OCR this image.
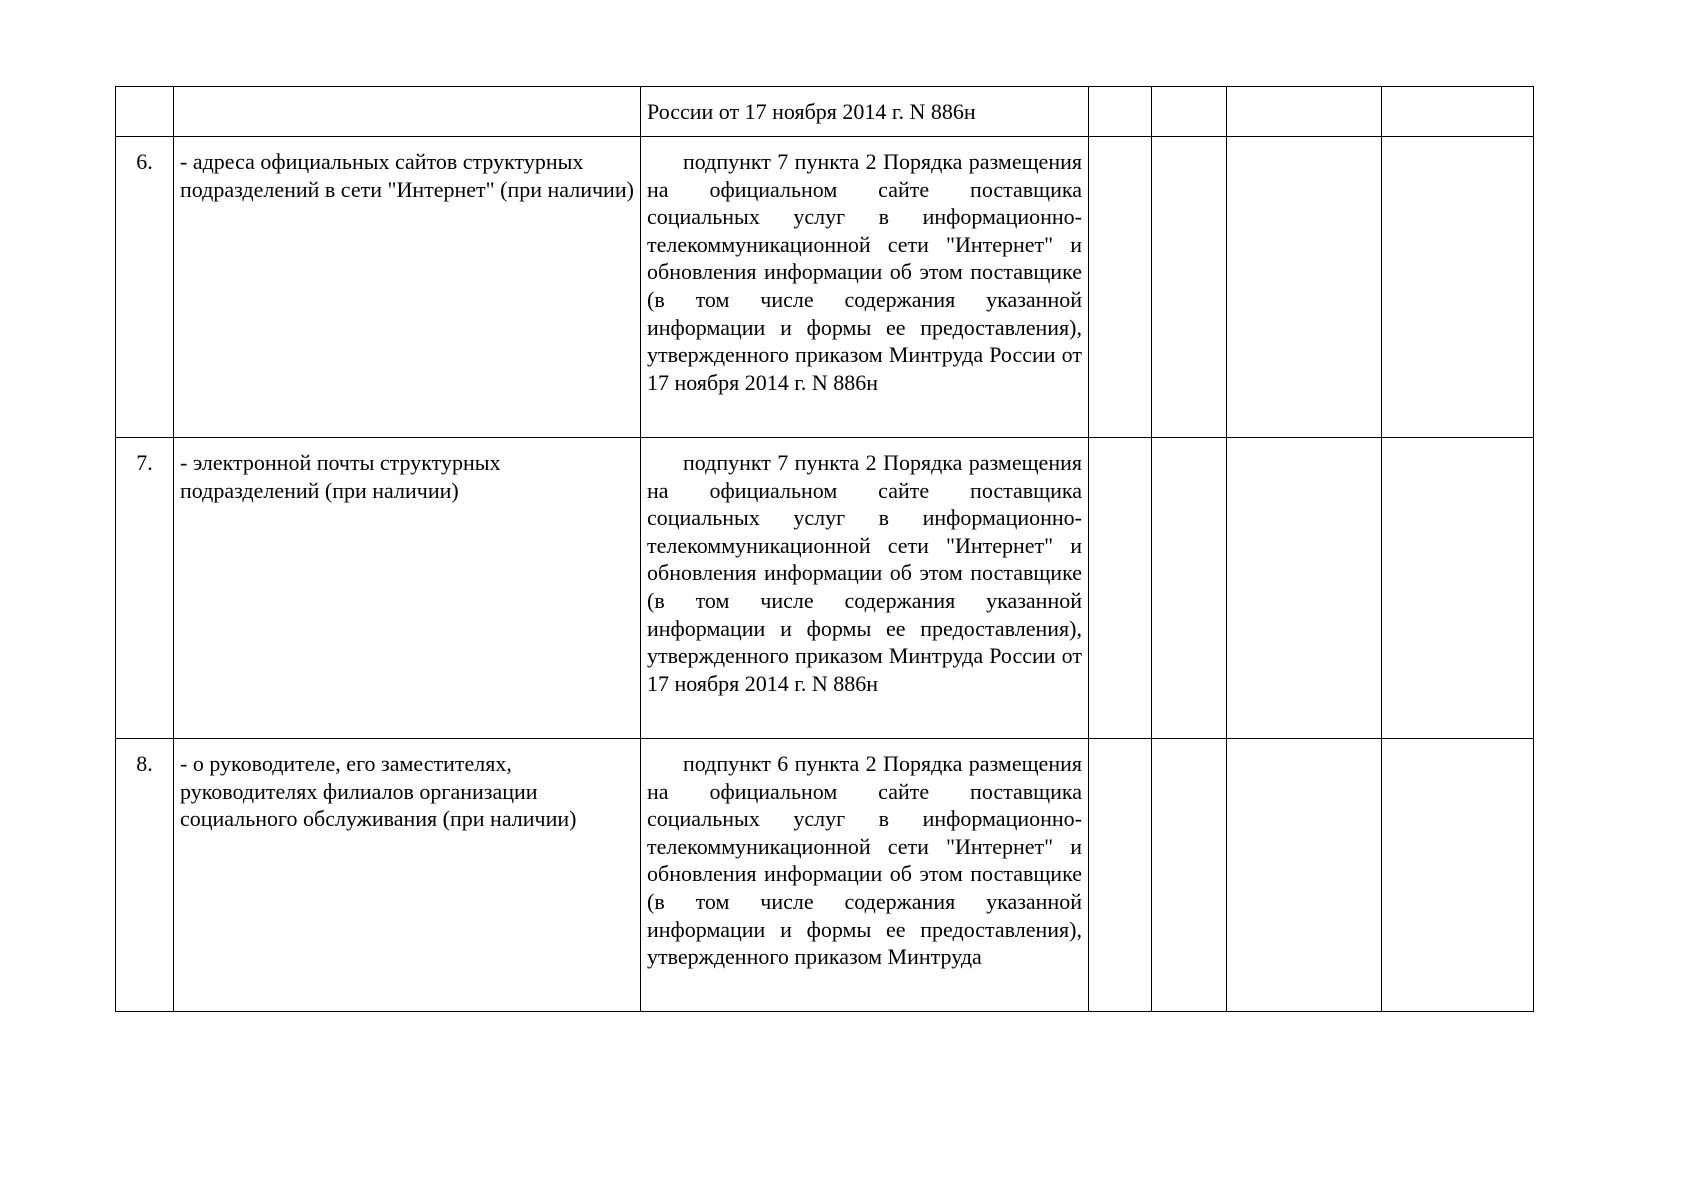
		России от 17 ноября 2014 г. N 886н				

6.	- адреса официальных сайтов структурных подразделений в сети "Интернет" (при наличии)	подпункт 7 пункта 2 Порядка размещения на официальном сайте поставщика социальных услуг в информационно-телекоммуникационной сети "Интернет" и обновления информации об этом поставщике (в том числе содержания указанной информации и формы ее предоставления), утвержденного приказом Минтруда России от 17 ноября 2014 г. N 886н				

7.	- электронной почты структурных подразделений (при наличии)	подпункт 7 пункта 2 Порядка размещения на официальном сайте поставщика социальных услуг в информационно-телекоммуникационной сети "Интернет" и обновления информации об этом поставщике (в том числе содержания указанной информации и формы ее предоставления), утвержденного приказом Минтруда России от 17 ноября 2014 г. N 886н				

8.	- о руководителе, его заместителях, руководителях филиалов организации социального обслуживания (при наличии)	подпункт 6 пункта 2 Порядка размещения на официальном сайте поставщика социальных услуг в информационно-телекоммуникационной сети "Интернет" и обновления информации об этом поставщике (в том числе содержания указанной информации и формы ее предоставления), утвержденного приказом Минтруда				
